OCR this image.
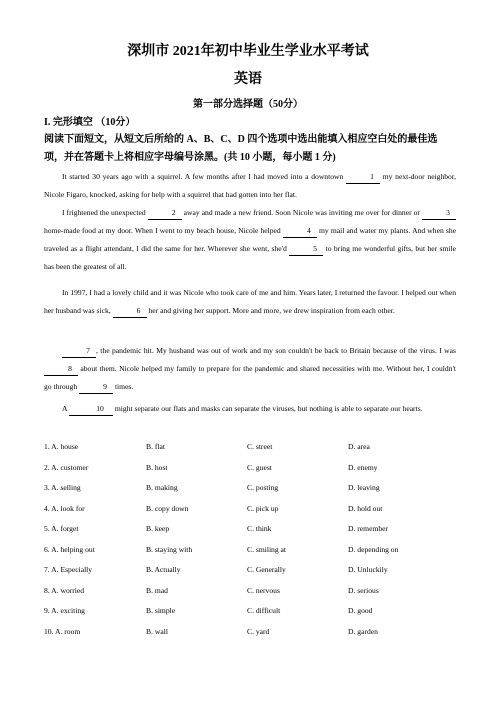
深圳市 2021年初中毕业生学业水平考试
英语
第一部分选择题（50分）
I. 完形填空 （10分）
阅读下面短文，从短文后所给的 A、B、C、D 四个选项中选出能填入相应空白处的最佳选项，并在答题卡上将相应字母编号涂黑。(共 10 小题，每小题 1 分)
It started 30 years ago with a squirrel. A few months after I had moved into a downtown	1 my next-door neighbor, Nicole Figaro, knocked, asking for help with a squirrel that had gotten into her flat.
I frightened the unexpected	2 away and made a new friend. Soon Nicole was inviting me over for dinner or	3 home-made food at my door. When I went to my beach house, Nicole helped	4 my mail and water my plants. And when she traveled as a flight attendant, I did the same for her. Wherever she went, she'd	5 to bring me wonderful gifts, but her smile has been the greatest of all.
In 1997, I had a lovely child and it was Nicole who took care of me and him. Years later, I returned the favour. I helped out when her husband was sick,	6 her and giving her support. More and more, we drew inspiration from each other.
7 , the pandemic hit. My husband was out of work and my son couldn't be back to Britain because of the virus. I was 8 about them. Nicole helped my family to prepare for the pandemic and shared necessities with me. Without her, I couldn't go through	9 times.
A	10 might separate our flats and masks can separate the viruses, but nothing is able to separate our hearts.
1. A. house	B. flat	C. street	D. area
2. A. customer	B. host	C. guest	D. enemy
3. A. selling	B. making	C. posting	D. leaving
4. A. look for	B. copy down	C. pick up	D. hold out
5. A. forget	B. keep	C. think	D. remember
6. A. helping out	B. staying with	C. smiling at	D. depending on
7. A. Especially	B. Actually	C. Generally	D. Unluckily
8. A. worried	B. mad	C. nervous	D. serious
9. A. exciting	B. simple	C. difficult	D. good
10. A. room	B. wall	C. yard	D. garden
